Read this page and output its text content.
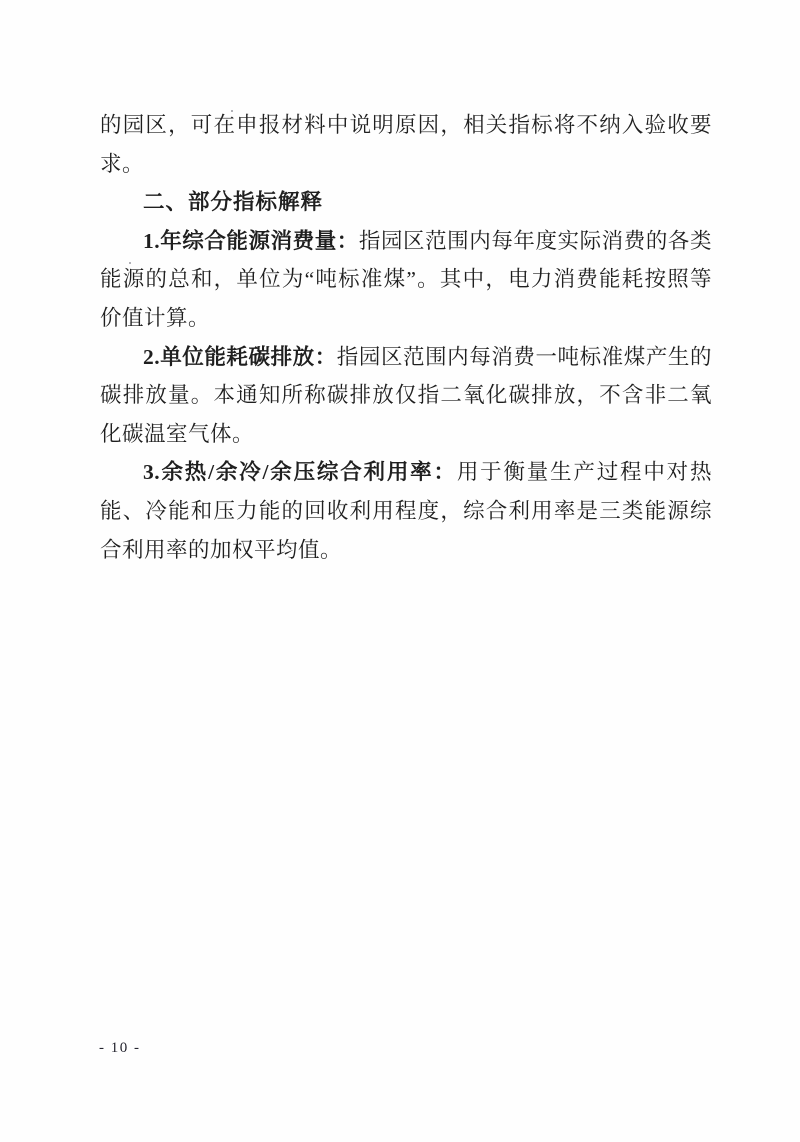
的园区，可在申报材料中说明原因，相关指标将不纳入验收要求。

二、部分指标解释

1.年综合能源消费量：指园区范围内每年度实际消费的各类能源的总和，单位为“吨标准煤”。其中，电力消费能耗按照等价值计算。

2.单位能耗碳排放：指园区范围内每消费一吨标准煤产生的碳排放量。本通知所称碳排放仅指二氧化碳排放，不含非二氧化碳温室气体。

3.余热/余冷/余压综合利用率：用于衡量生产过程中对热能、冷能和压力能的回收利用程度，综合利用率是三类能源综合利用率的加权平均值。

- 10 -
